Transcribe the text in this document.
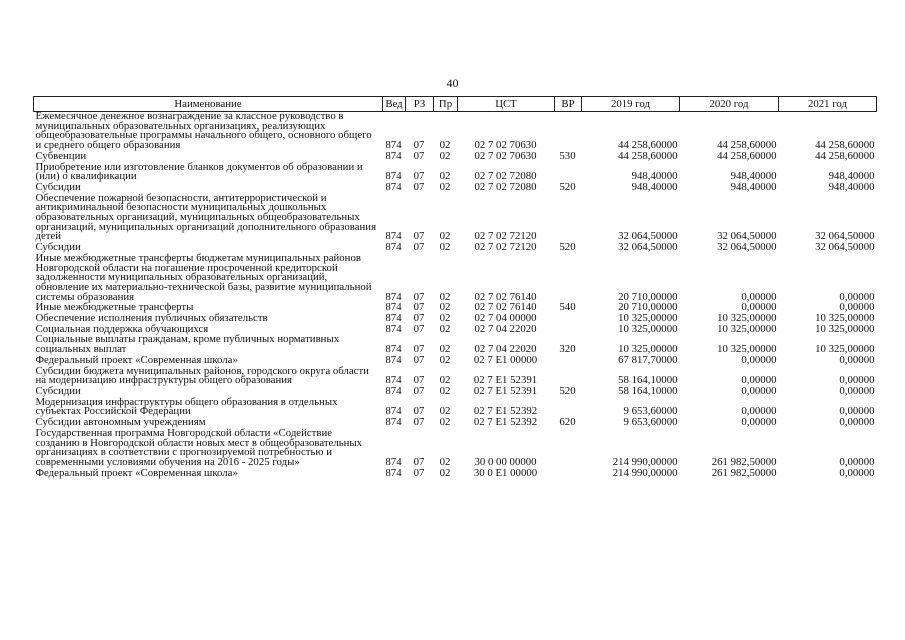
40
Наименование	Вед	РЗ	Пр	ЦСТ	ВР	2019 год	2020 год	2021 год
Ежемесячное денежное вознаграждение за классное руководство в муниципальных образовательных организациях, реализующих общеобразовательные программы начального общего, основного общего и среднего общего образования	874	07	02	02 7 02 70630		44 258,60000	44 258,60000	44 258,60000
Субвенции	874	07	02	02 7 02 70630	530	44 258,60000	44 258,60000	44 258,60000
Приобретение или изготовление бланков документов об образовании и (или) о квалификации	874	07	02	02 7 02 72080		948,40000	948,40000	948,40000
Субсидии	874	07	02	02 7 02 72080	520	948,40000	948,40000	948,40000
Обеспечение пожарной безопасности, антитеррористической и антикриминальной безопасности муниципальных дошкольных образовательных организаций, муниципальных общеобразовательных организаций, муниципальных организаций дополнительного образования детей	874	07	02	02 7 02 72120		32 064,50000	32 064,50000	32 064,50000
Субсидии	874	07	02	02 7 02 72120	520	32 064,50000	32 064,50000	32 064,50000
Иные межбюджетные трансферты бюджетам муниципальных районов Новгородской области на погашение просроченной кредиторской задолженности муниципальных образовательных организаций, обновление их материально-технической базы, развитие муниципальной системы образования	874	07	02	02 7 02 76140		20 710,00000	0,00000	0,00000
Иные межбюджетные трансферты	874	07	02	02 7 02 76140	540	20 710,00000	0,00000	0,00000
Обеспечение исполнения публичных обязательств	874	07	02	02 7 04 00000		10 325,00000	10 325,00000	10 325,00000
Социальная поддержка обучающихся	874	07	02	02 7 04 22020		10 325,00000	10 325,00000	10 325,00000
Социальные выплаты гражданам, кроме публичных нормативных социальных выплат	874	07	02	02 7 04 22020	320	10 325,00000	10 325,00000	10 325,00000
Федеральный проект «Современная школа»	874	07	02	02 7 E1 00000		67 817,70000	0,00000	0,00000
Субсидии бюджета муниципальных районов, городского округа области на модернизацию инфраструктуры общего образования	874	07	02	02 7 E1 52391		58 164,10000	0,00000	0,00000
Субсидии	874	07	02	02 7 E1 52391	520	58 164,10000	0,00000	0,00000
Модернизация инфраструктуры общего образования в отдельных субъектах Российской Федерации	874	07	02	02 7 E1 52392		9 653,60000	0,00000	0,00000
Субсидии автономным учреждениям	874	07	02	02 7 E1 52392	620	9 653,60000	0,00000	0,00000
Государственная программа Новгородской области «Содействие созданию в Новгородской области новых мест в общеобразовательных организациях в соответствии с прогнозируемой потребностью и современными условиями обучения на 2016 - 2025 годы»	874	07	02	30 0 00 00000		214 990,00000	261 982,50000	0,00000
Федеральный проект «Современная школа»	874	07	02	30 0 E1 00000		214 990,00000	261 982,50000	0,00000
